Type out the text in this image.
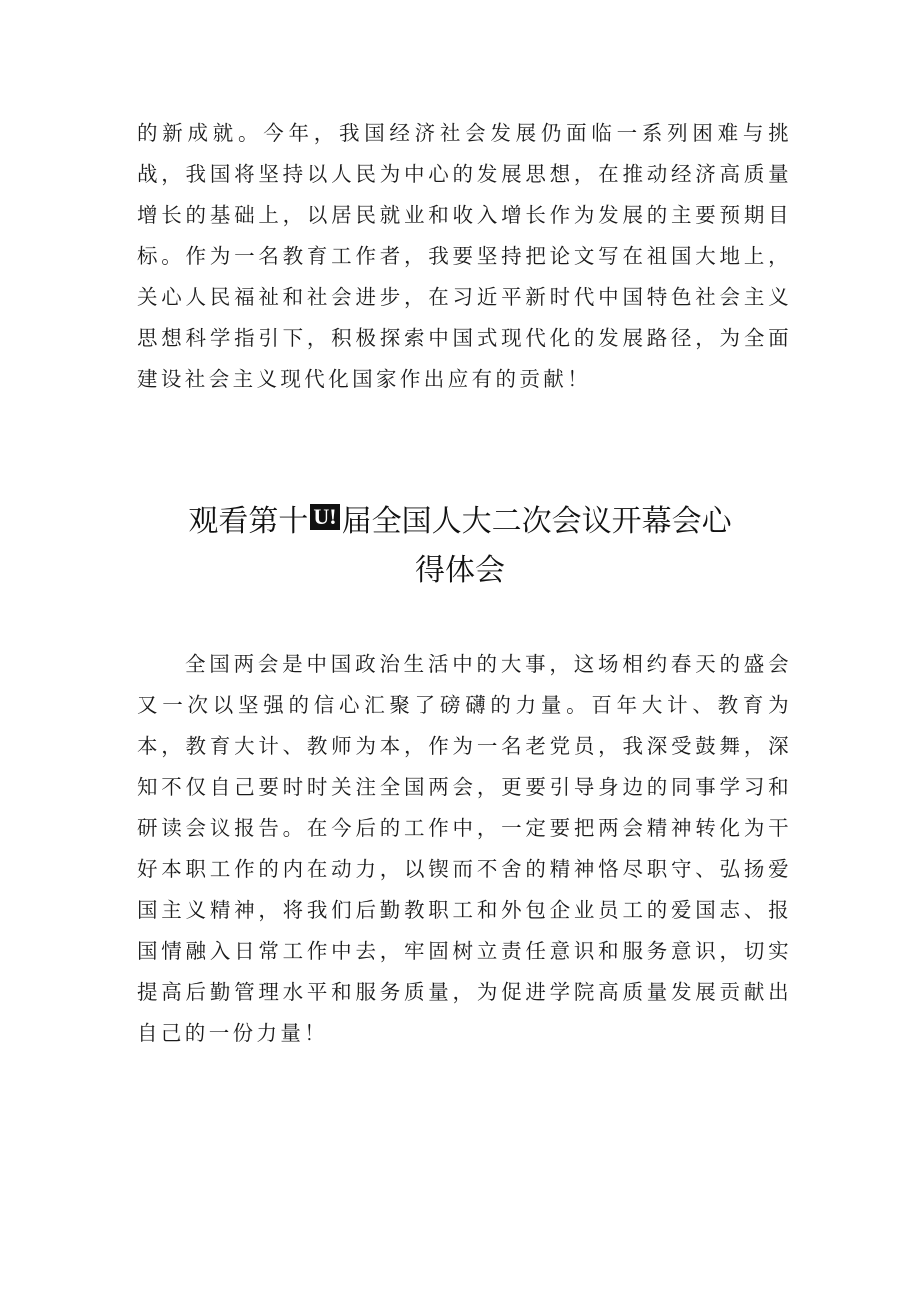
的新成就。今年，我国经济社会发展仍面临一系列困难与挑战，我国将坚持以人民为中心的发展思想，在推动经济高质量增长的基础上，以居民就业和收入增长作为发展的主要预期目标。作为一名教育工作者，我要坚持把论文写在祖国大地上，关心人民福祉和社会进步，在习近平新时代中国特色社会主义思想科学指引下，积极探索中国式现代化的发展路径，为全面建设社会主义现代化国家作出应有的贡献！

观看第十 U! 届全国人大二次会议开幕会心
得体会

全国两会是中国政治生活中的大事，这场相约春天的盛会又一次以坚强的信心汇聚了磅礴的力量。百年大计、教育为本，教育大计、教师为本，作为一名老党员，我深受鼓舞，深知不仅自己要时时关注全国两会，更要引导身边的同事学习和研读会议报告。在今后的工作中，一定要把两会精神转化为干好本职工作的内在动力，以锲而不舍的精神恪尽职守、弘扬爱国主义精神，将我们后勤教职工和外包企业员工的爱国志、报国情融入日常工作中去，牢固树立责任意识和服务意识，切实提高后勤管理水平和服务质量，为促进学院高质量发展贡献出自己的一份力量！
